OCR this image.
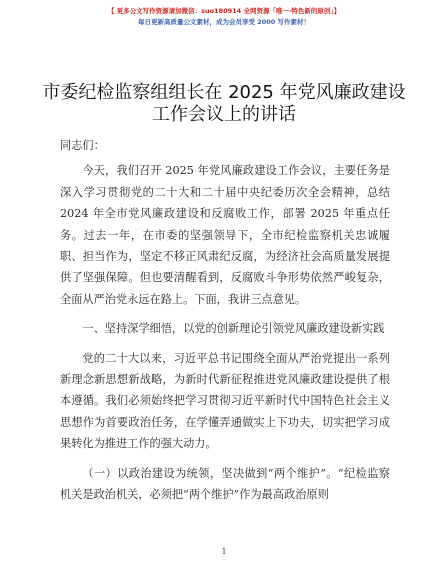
【 更多公文写作资源请加微信：suo180914 全网资源「唯一·特色新的原创」】
每日更新高质量公文素材，成为会员享受 2000 写作素材！
市委纪检监察组组长在 2025 年党风廉政建设工作会议上的讲话

同志们：

今天，我们召开 2025 年党风廉政建设工作会议，主要任务是深入学习贯彻党的二十大和二十届中央纪委历次全会精神，总结 2024 年全市党风廉政建设和反腐败工作，部署 2025 年重点任务。过去一年，在市委的坚强领导下，全市纪检监察机关忠诚履职、担当作为，坚定不移正风肃纪反腐，为经济社会高质量发展提供了坚强保障。但也要清醒看到，反腐败斗争形势依然严峻复杂，全面从严治党永远在路上。下面，我讲三点意见。

一、坚持深学细悟，以党的创新理论引领党风廉政建设新实践

党的二十大以来，习近平总书记围绕全面从严治党提出一系列新理念新思想新战略，为新时代新征程推进党风廉政建设提供了根本遵循。我们必须始终把学习贯彻习近平新时代中国特色社会主义思想作为首要政治任务，在学懂弄通做实上下功夫，切实把学习成果转化为推进工作的强大动力。

（一）以政治建设为统领，坚决做到“两个维护”。“纪检监察机关是政治机关，必须把“两个维护”作为最高政治原则

1
